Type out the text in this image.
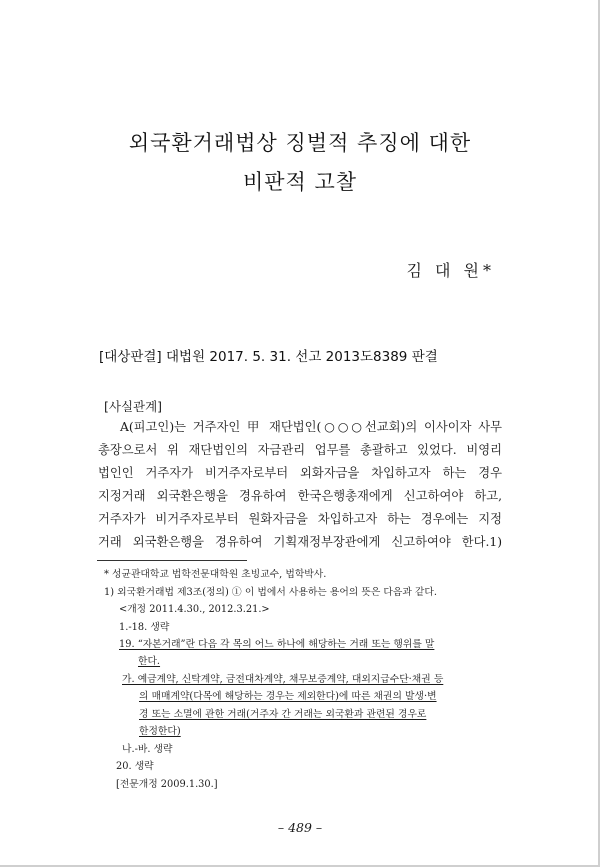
외국환거래법상 징벌적 추징에 대한
비판적 고찰
김 대 원*
[대상판결] 대법원 2017. 5. 31. 선고 2013도8389 판결
[사실관계]
A(피고인)는 거주자인 甲 재단법인(○○○선교회)의 이사이자 사무
총장으로서 위 재단법인의 자금관리 업무를 총괄하고 있었다. 비영리
법인인 거주자가 비거주자로부터 외화자금을 차입하고자 하는 경우
지정거래 외국환은행을 경유하여 한국은행총재에게 신고하여야 하고,
거주자가 비거주자로부터 원화자금을 차입하고자 하는 경우에는 지정
거래 외국환은행을 경유하여 기획재정부장관에게 신고하여야 한다.1)
* 성균관대학교 법학전문대학원 초빙교수, 법학박사.
1) 외국환거래법 제3조(정의) ① 이 법에서 사용하는 용어의 뜻은 다음과 같다.
<개정 2011.4.30., 2012.3.21.>
1.-18. 생략
19. “자본거래”란 다음 각 목의 어느 하나에 해당하는 거래 또는 행위를 말
한다.
가. 예금계약, 신탁계약, 금전대차계약, 채무보증계약, 대외지급수단·채권 등
의 매매계약(다목에 해당하는 경우는 제외한다)에 따른 채권의 발생·변
경 또는 소멸에 관한 거래(거주자 간 거래는 외국환과 관련된 경우로
한정한다)
나.-바. 생략
20. 생략
[전문개정 2009.1.30.]
– 489 –
